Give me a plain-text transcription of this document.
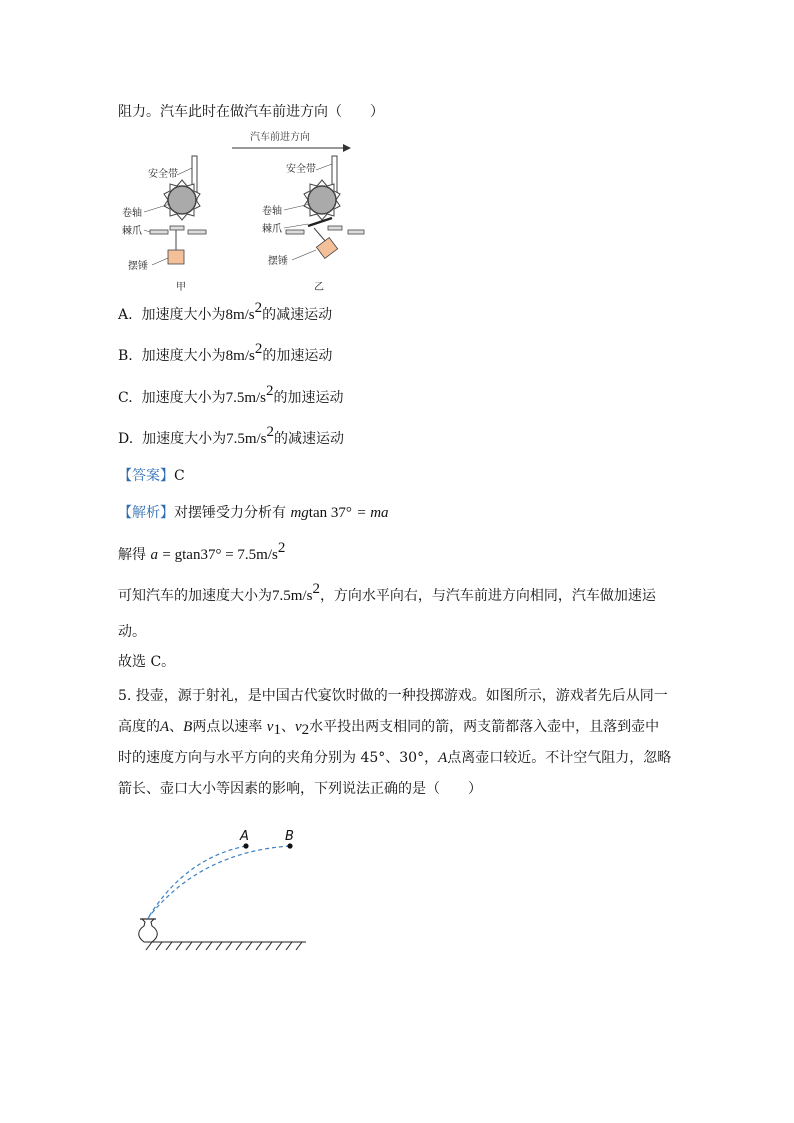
阻力。汽车此时在做汽车前进方向（　　）
汽车前进方向
安全带
卷轴
棘爪
摆锤
甲
安全带
卷轴
棘爪
摆锤
乙
A. 加速度大小为$8m/s^2$的减速运动
B. 加速度大小为$8m/s^2$的加速运动
C. 加速度大小为$7.5m/s^2$的加速运动
D. 加速度大小为$7.5m/s^2$的减速运动
【答案】C
【解析】对摆锤受力分析有 mgtan 37° = ma
解得 $a = gtan37^\circ = 7.5m/s^2$
可知汽车的加速度大小为$7.5m/s^2$，方向水平向右，与汽车前进方向相同，汽车做加速运
动。
故选 C。
5. 投壶，源于射礼，是中国古代宴饮时做的一种投掷游戏。如图所示，游戏者先后从同一
高度的A、B两点以速率 $v_1$、$v_2$水平投出两支相同的箭，两支箭都落入壶中，且落到壶中
时的速度方向与水平方向的夹角分别为 45°、30°，A点离壶口较近。不计空气阻力，忽略
箭长、壶口大小等因素的影响，下列说法正确的是（　　）
A	B
